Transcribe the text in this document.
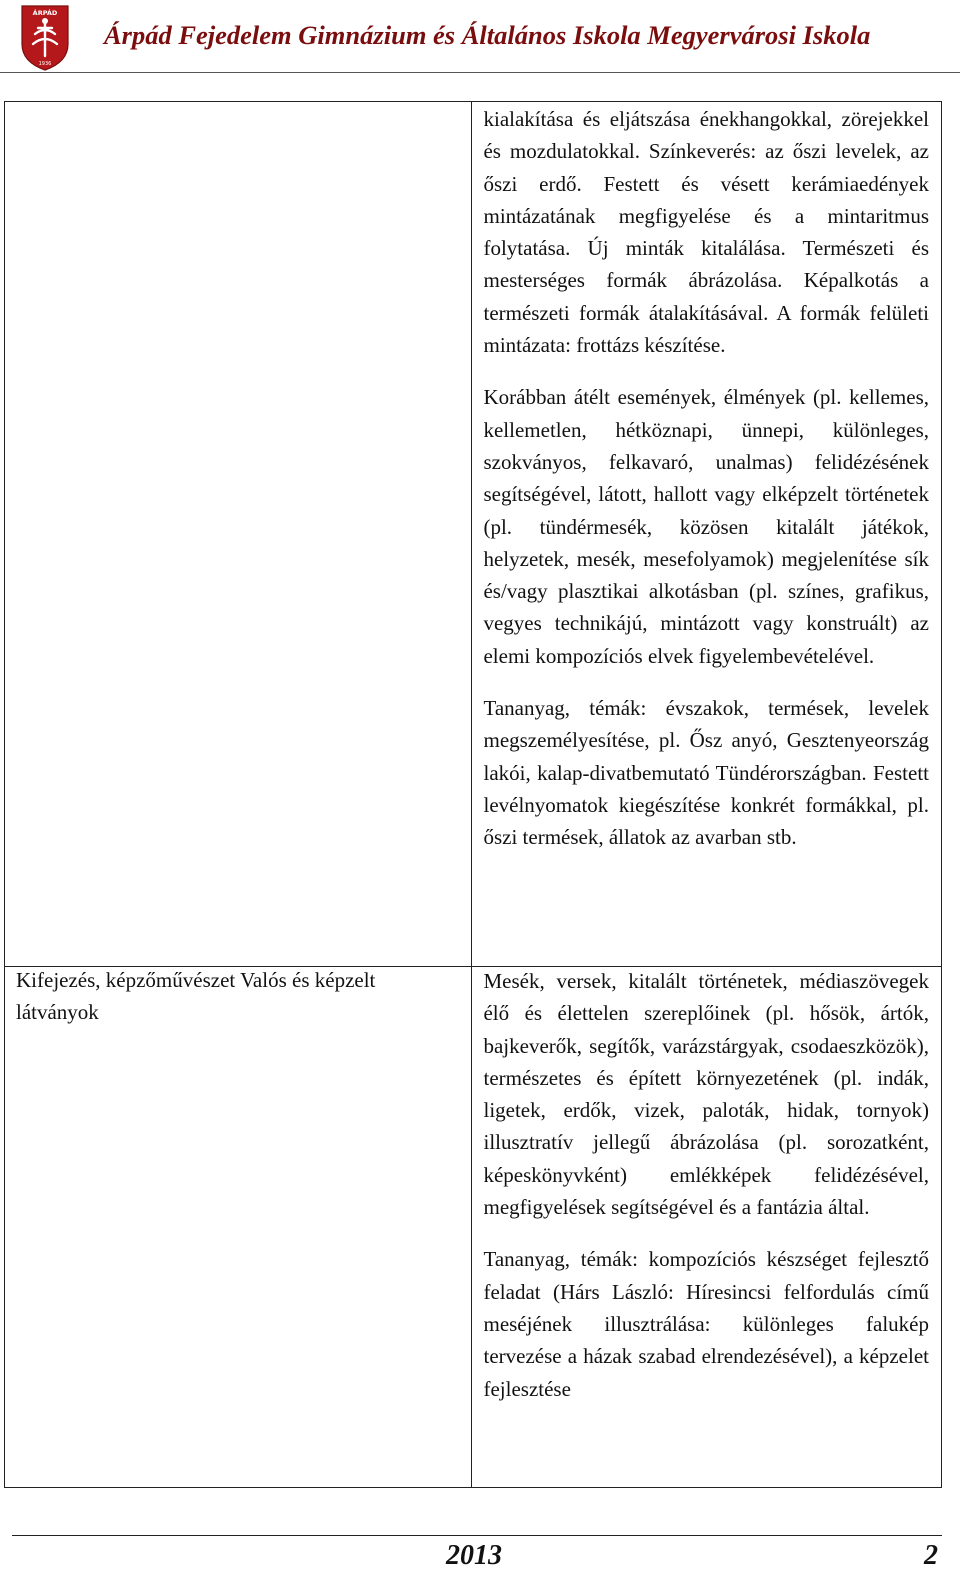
ÁRPÁD
1936
Árpád Fejedelem Gimnázium és Általános Iskola Megyervárosi Iskola

	kialakítása és eljátszása énekhangokkal, zörejekkel és mozdulatokkal. Színkeverés: az őszi levelek, az őszi erdő. Festett és vésett kerámiaedények mintázatának megfigyelése és a mintaritmus folytatása. Új minták kitalálása. Természeti és mesterséges formák ábrázolása. Képalkotás a természeti formák átalakításával. A formák felületi mintázata: frottázs készítése.

Korábban átélt események, élmények (pl. kellemes, kellemetlen, hétköznapi, ünnepi, különleges, szokványos, felkavaró, unalmas) felidézésének segítségével, látott, hallott vagy elképzelt történetek (pl. tündérmesék, közösen kitalált játékok, helyzetek, mesék, mesefolyamok) megjelenítése sík és/vagy plasztikai alkotásban (pl. színes, grafikus, vegyes technikájú, mintázott vagy konstruált) az elemi kompozíciós elvek figyelembevételével.

Tananyag, témák: évszakok, termések, levelek megszemélyesítése, pl. Ősz anyó, Gesztenyeország lakói, kalap-divatbemutató Tündérországban. Festett levélnyomatok kiegészítése konkrét formákkal, pl. őszi termések, állatok az avarban stb.

Kifejezés, képzőművészet Valós és képzelt látványok	Mesék, versek, kitalált történetek, médiaszövegek élő és élettelen szereplőinek (pl. hősök, ártók, bajkeverők, segítők, varázstárgyak, csodaeszközök), természetes és épített környezetének (pl. indák, ligetek, erdők, vizek, paloták, hidak, tornyok) illusztratív jellegű ábrázolása (pl. sorozatként, képeskönyvként) emlékképek felidézésével, megfigyelések segítségével és a fantázia által.

Tananyag, témák: kompozíciós készséget fejlesztő feladat (Hárs László: Híresincsi felfordulás című meséjének illusztrálása: különleges falukép tervezése a házak szabad elrendezésével), a képzelet fejlesztése

2013	2
